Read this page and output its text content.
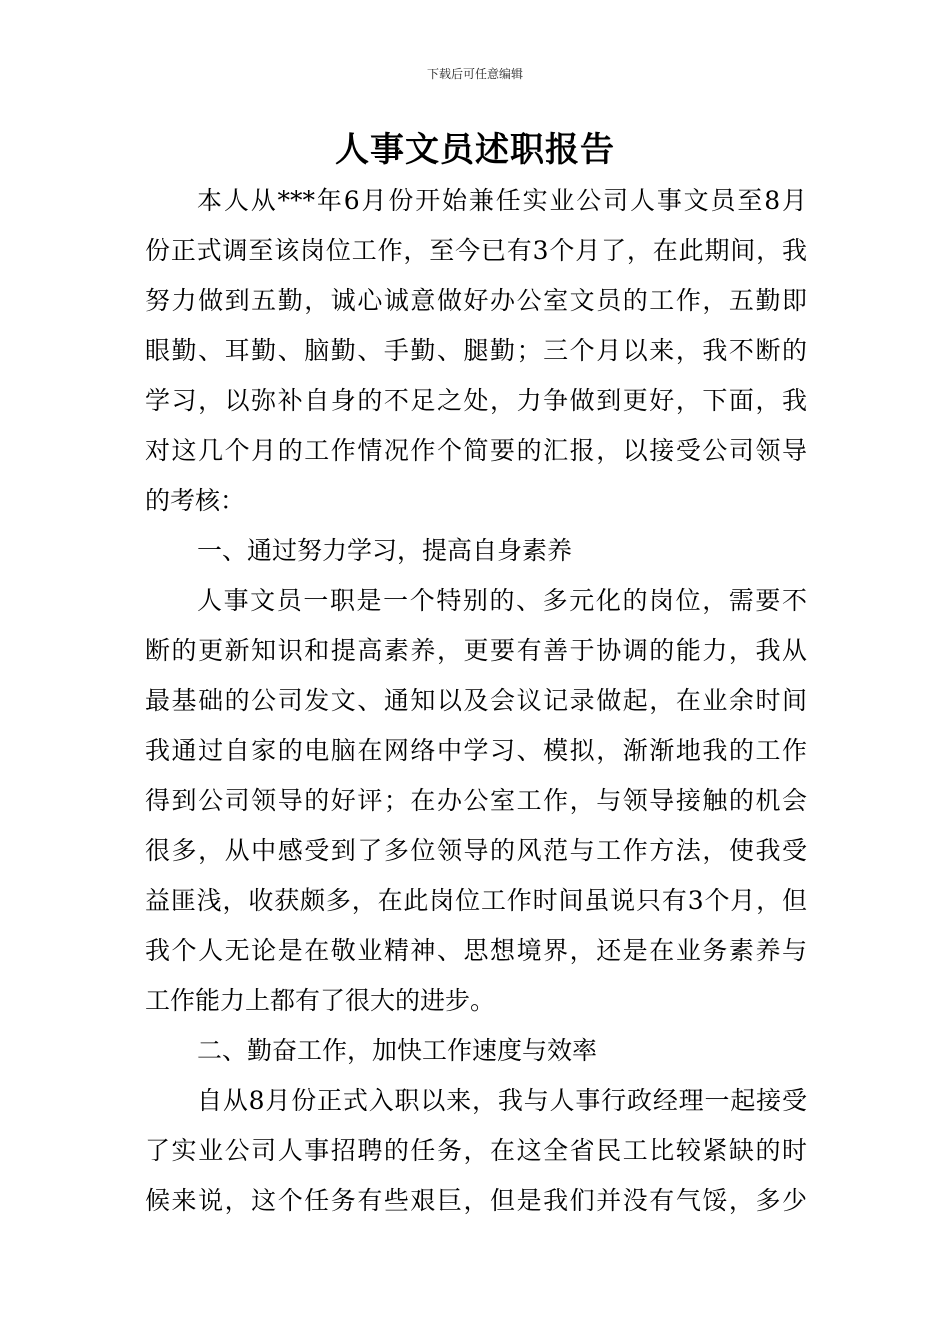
下载后可任意编辑
人事文员述职报告
本人从***年6月份开始兼任实业公司人事文员至8月
份正式调至该岗位工作，至今已有3个月了，在此期间，我
努力做到五勤，诚心诚意做好办公室文员的工作，五勤即
眼勤、耳勤、脑勤、手勤、腿勤；三个月以来，我不断的
学习，以弥补自身的不足之处，力争做到更好，下面，我
对这几个月的工作情况作个简要的汇报，以接受公司领导
的考核：
一、通过努力学习，提高自身素养
人事文员一职是一个特别的、多元化的岗位，需要不
断的更新知识和提高素养，更要有善于协调的能力，我从
最基础的公司发文、通知以及会议记录做起，在业余时间
我通过自家的电脑在网络中学习、模拟，渐渐地我的工作
得到公司领导的好评；在办公室工作，与领导接触的机会
很多，从中感受到了多位领导的风范与工作方法，使我受
益匪浅，收获颇多，在此岗位工作时间虽说只有3个月，但
我个人无论是在敬业精神、思想境界，还是在业务素养与
工作能力上都有了很大的进步。
二、勤奋工作，加快工作速度与效率
自从8月份正式入职以来，我与人事行政经理一起接受
了实业公司人事招聘的任务，在这全省民工比较紧缺的时
候来说，这个任务有些艰巨，但是我们并没有气馁，多少
